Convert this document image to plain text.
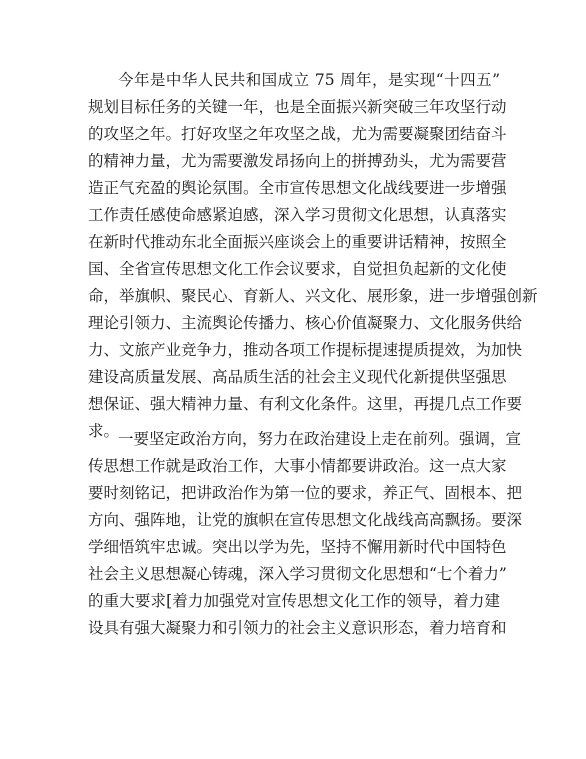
今年是中华人民共和国成立 75 周年，是实现“十四五”
规划目标任务的关键一年，也是全面振兴新突破三年攻坚行动
的攻坚之年。打好攻坚之年攻坚之战，尤为需要凝聚团结奋斗
的精神力量，尤为需要激发昂扬向上的拼搏劲头，尤为需要营
造正气充盈的舆论氛围。全市宣传思想文化战线要进一步增强
工作责任感使命感紧迫感，深入学习贯彻文化思想，认真落实
在新时代推动东北全面振兴座谈会上的重要讲话精神，按照全
国、全省宣传思想文化工作会议要求，自觉担负起新的文化使
命，举旗帜、聚民心、育新人、兴文化、展形象，进一步增强创新
理论引领力、主流舆论传播力、核心价值凝聚力、文化服务供给
力、文旅产业竞争力，推动各项工作提标提速提质提效，为加快
建设高质量发展、高品质生活的社会主义现代化新提供坚强思
想保证、强大精神力量、有利文化条件。这里，再提几点工作要
求。
一要坚定政治方向，努力在政治建设上走在前列。强调，宣
传思想工作就是政治工作，大事小情都要讲政治。这一点大家
要时刻铭记，把讲政治作为第一位的要求，养正气、固根本、把
方向、强阵地，让党的旗帜在宣传思想文化战线高高飘扬。要深
学细悟筑牢忠诚。突出以学为先，坚持不懈用新时代中国特色
社会主义思想凝心铸魂，深入学习贯彻文化思想和“七个着力”
的重大要求[着力加强党对宣传思想文化工作的领导，着力建
设具有强大凝聚力和引领力的社会主义意识形态，着力培育和
